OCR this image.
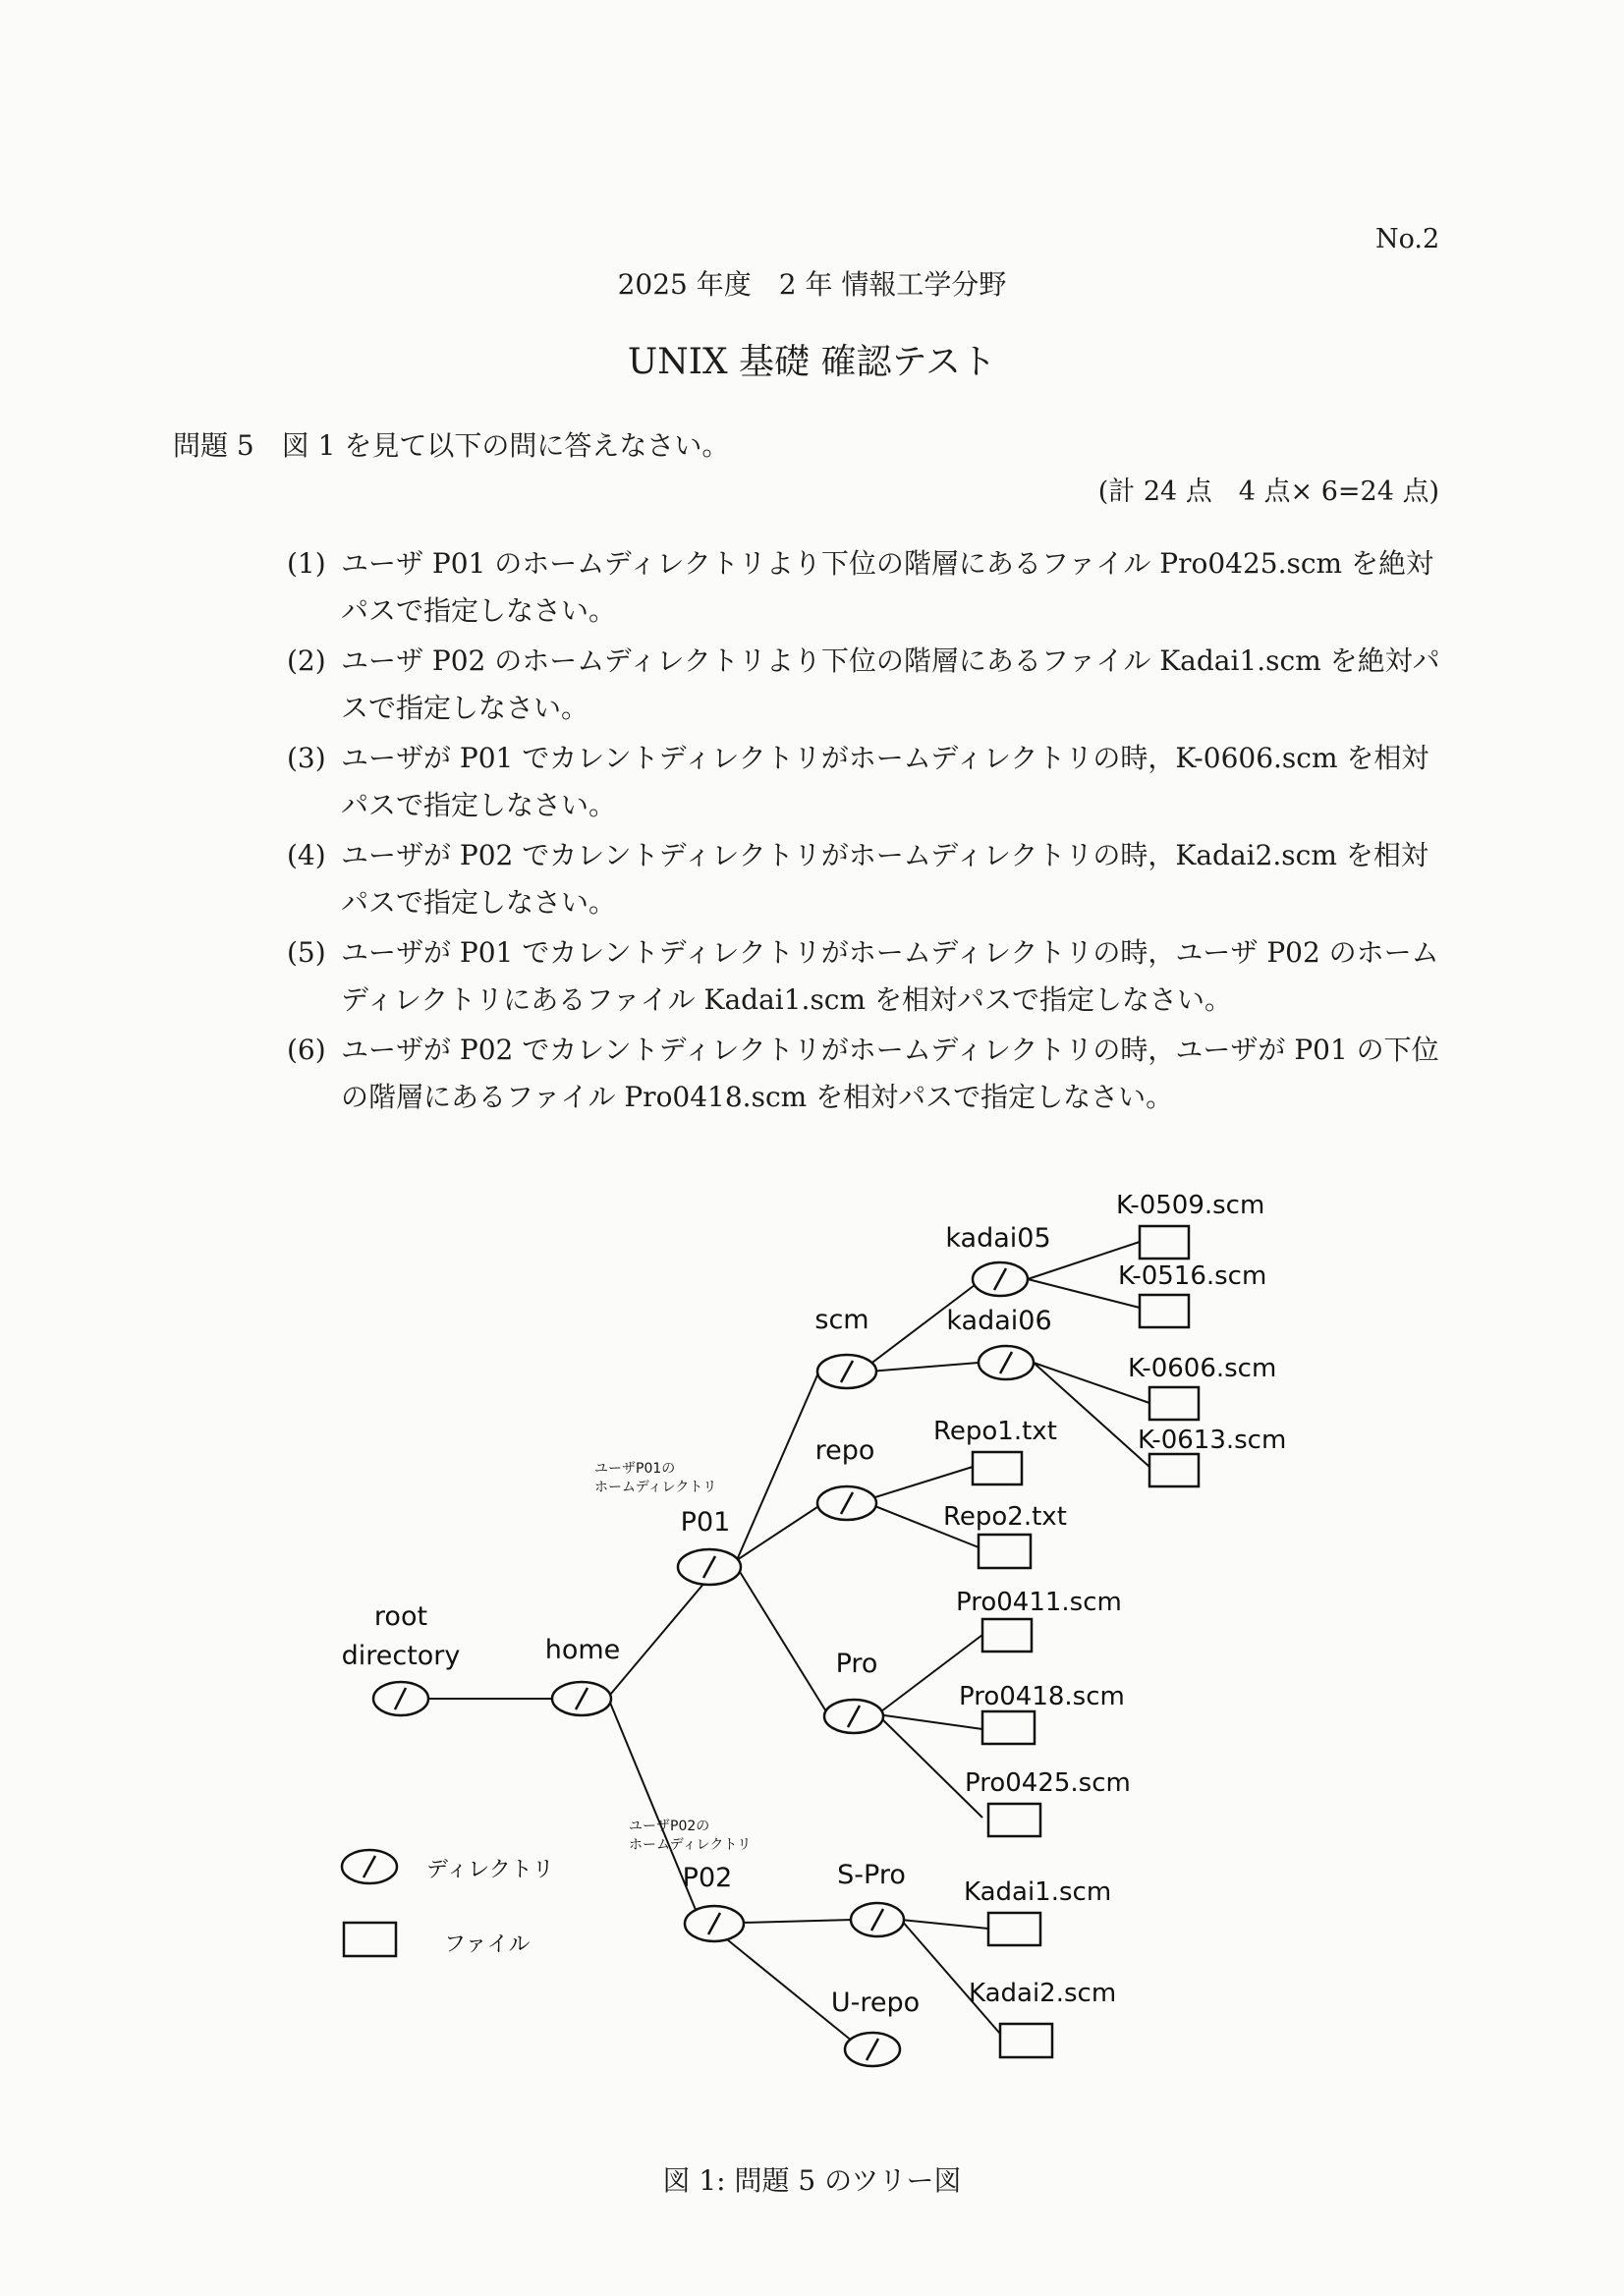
No.2
2025 年度　2 年 情報工学分野
UNIX 基礎 確認テスト
問題 5　図 1 を見て以下の問に答えなさい。
(計 24 点　4 点× 6=24 点)
(1) ユーザ P01 のホームディレクトリより下位の階層にあるファイル Pro0425.scm を絶対パスで指定しなさい。
(2) ユーザ P02 のホームディレクトリより下位の階層にあるファイル Kadai1.scm を絶対パスで指定しなさい。
(3) ユーザが P01 でカレントディレクトリがホームディレクトリの時，K-0606.scm を相対パスで指定しなさい。
(4) ユーザが P02 でカレントディレクトリがホームディレクトリの時，Kadai2.scm を相対パスで指定しなさい。
(5) ユーザが P01 でカレントディレクトリがホームディレクトリの時，ユーザ P02 のホームディレクトリにあるファイル Kadai1.scm を相対パスで指定しなさい。
(6) ユーザが P02 でカレントディレクトリがホームディレクトリの時，ユーザが P01 の下位の階層にあるファイル Pro0418.scm を相対パスで指定しなさい。
root
directory	home
P01
P02
scm
repo
Pro
kadai05
kadai06
S-Pro
U-repo
ユーザP01の
ホームディレクトリ
ユーザP02の
ホームディレクトリ
K-0509.scm
K-0516.scm
K-0606.scm
K-0613.scm
Repo1.txt
Repo2.txt
Pro0411.scm
Pro0418.scm
Pro0425.scm
Kadai1.scm
Kadai2.scm
ディレクトリ
ファイル
図 1: 問題 5 のツリー図
